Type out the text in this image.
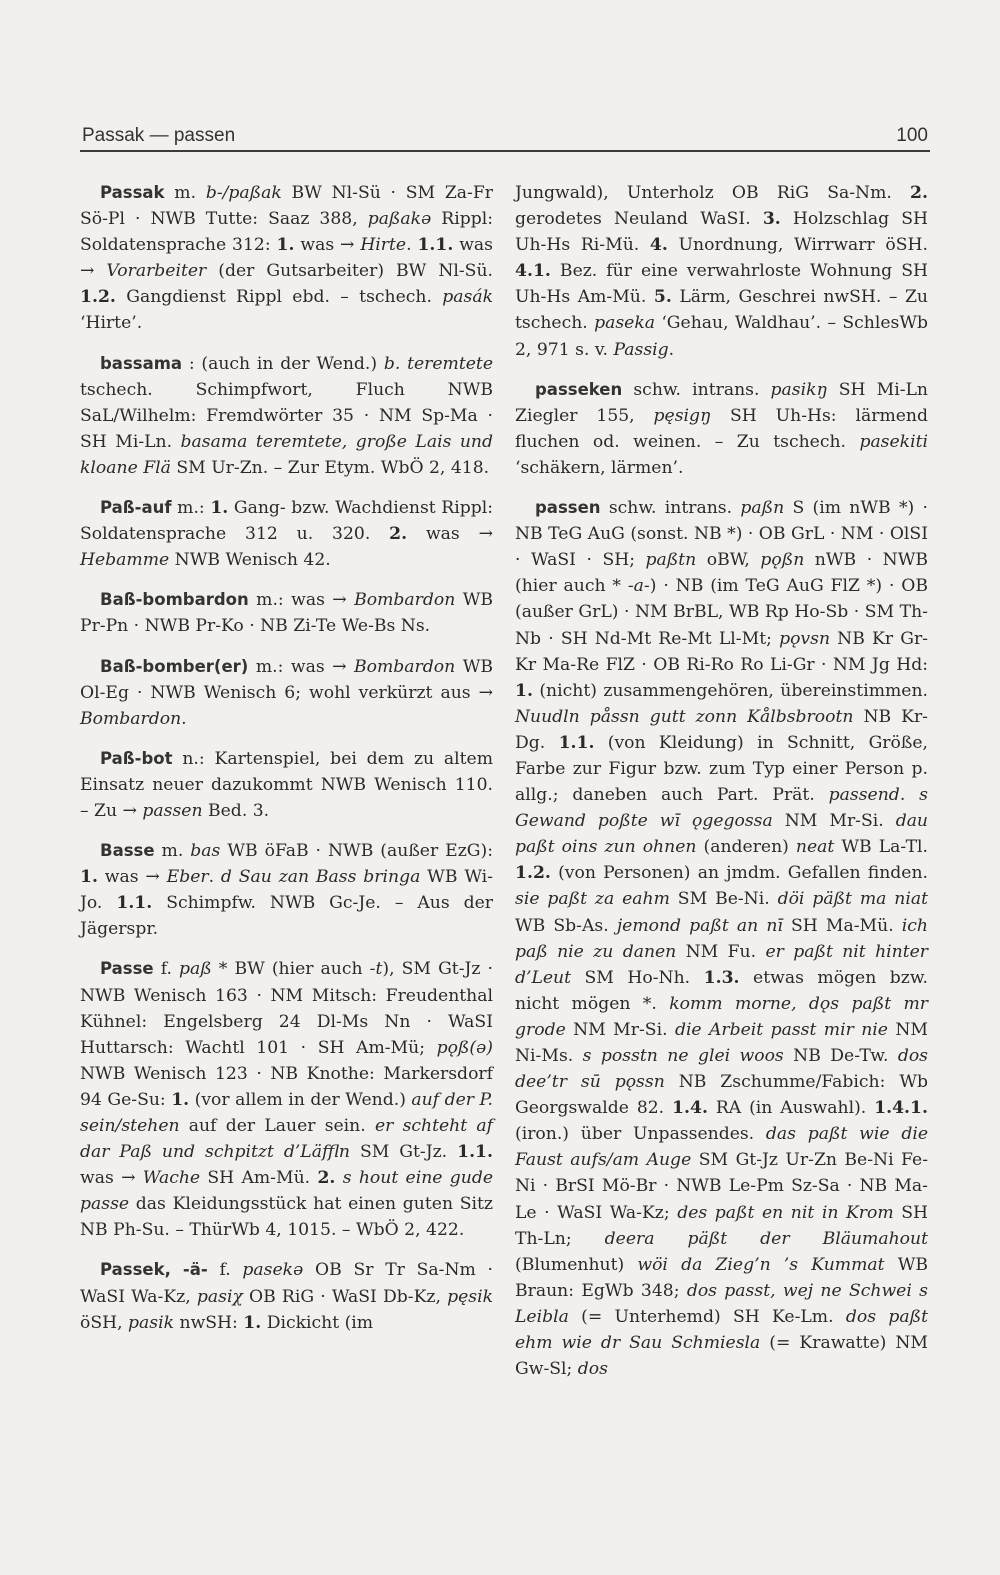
Passak — passen	100

Passak m. b-/paßak BW Nl-Sü · SM Za-Fr Sö-Pl · NWB Tutte: Saaz 388, paßakə Rippl: Soldatensprache 312: 1. was → Hirte. 1.1. was → Vorarbeiter (der Gutsarbeiter) BW Nl-Sü. 1.2. Gangdienst Rippl ebd. – tschech. pasák ‘Hirte’.

bassama : (auch in der Wend.) b. teremtete tschech. Schimpfwort, Fluch NWB SaL/Wilhelm: Fremdwörter 35 · NM Sp-Ma · SH Mi-Ln. basama teremtete, große Lais und kloane Flä SM Ur-Zn. – Zur Etym. WbÖ 2, 418.

Paß-auf m.: 1. Gang- bzw. Wachdienst Rippl: Soldatensprache 312 u. 320. 2. was → Hebamme NWB Wenisch 42.

Baß-bombardon m.: was → Bombardon WB Pr-Pn · NWB Pr-Ko · NB Zi-Te We-Bs Ns.

Baß-bomber(er) m.: was → Bombardon WB Ol-Eg · NWB Wenisch 6; wohl verkürzt aus → Bombardon.

Paß-bot n.: Kartenspiel, bei dem zu altem Einsatz neuer dazukommt NWB Wenisch 110. – Zu → passen Bed. 3.

Basse m. bas WB öFaB · NWB (außer EzG): 1. was → Eber. d Sau zan Bass bringa WB Wi-Jo. 1.1. Schimpfw. NWB Gc-Je. – Aus der Jägerspr.

Passe f. paß * BW (hier auch -t), SM Gt-Jz · NWB Wenisch 163 · NM Mitsch: Freudenthal Kühnel: Engelsberg 24 Dl-Ms Nn · WaSI Huttarsch: Wachtl 101 · SH Am-Mü; pǫß(ə) NWB Wenisch 123 · NB Knothe: Markersdorf 94 Ge-Su: 1. (vor allem in der Wend.) auf der P. sein/stehen auf der Lauer sein. er schteht af dar Paß und schpitzt d’Läffln SM Gt-Jz. 1.1. was → Wache SH Am-Mü. 2. s hout eine gude passe das Kleidungsstück hat einen guten Sitz NB Ph-Su. – ThürWb 4, 1015. – WbÖ 2, 422.

Passek, -ä- f. pasekə OB Sr Tr Sa-Nm · WaSI Wa-Kz, pasiχ OB RiG · WaSI Db-Kz, pęsik öSH, pasik nwSH: 1. Dickicht (im

Jungwald), Unterholz OB RiG Sa-Nm. 2. gerodetes Neuland WaSI. 3. Holzschlag SH Uh-Hs Ri-Mü. 4. Unordnung, Wirrwarr öSH. 4.1. Bez. für eine verwahrloste Wohnung SH Uh-Hs Am-Mü. 5. Lärm, Geschrei nwSH. – Zu tschech. paseka ‘Gehau, Waldhau’. – SchlesWb 2, 971 s. v. Passig.

passeken schw. intrans. pasikŋ SH Mi-Ln Ziegler 155, pęsigŋ SH Uh-Hs: lärmend fluchen od. weinen. – Zu tschech. pasekiti ‘schäkern, lärmen’.

passen schw. intrans. paßn S (im nWB *) · NB TeG AuG (sonst. NB *) · OB GrL · NM · OlSI · WaSI · SH; paßtn oBW, pǫßn nWB · NWB (hier auch * -a-) · NB (im TeG AuG FlZ *) · OB (außer GrL) · NM BrBL, WB Rp Ho-Sb · SM Th-Nb · SH Nd-Mt Re-Mt Ll-Mt; pǫvsn NB Kr Gr-Kr Ma-Re FlZ · OB Ri-Ro Ro Li-Gr · NM Jg Hd: 1. (nicht) zusammengehören, übereinstimmen. Nuudln påssn gutt zonn Kålbsbrootn NB Kr-Dg. 1.1. (von Kleidung) in Schnitt, Größe, Farbe zur Figur bzw. zum Typ einer Person p. allg.; daneben auch Part. Prät. passend. s Gewand poßte wī ǫgegossa NM Mr-Si. dau paßt oins zun ohnen (anderen) neat WB La-Tl. 1.2. (von Personen) an jmdm. Gefallen finden. sie paßt za eahm SM Be-Ni. döi päßt ma niat WB Sb-As. jemond paßt an nī SH Ma-Mü. ich paß nie zu danen NM Fu. er paßt nit hinter d’Leut SM Ho-Nh. 1.3. etwas mögen bzw. nicht mögen *. komm morne, dǫs paßt mr grode NM Mr-Si. die Arbeit passt mir nie NM Ni-Ms. s posstn ne glei woos NB De-Tw. dos dee’tr sū pǫssn NB Zschumme/Fabich: Wb Georgswalde 82. 1.4. RA (in Auswahl). 1.4.1. (iron.) über Unpassendes. das paßt wie die Faust aufs/am Auge SM Gt-Jz Ur-Zn Be-Ni Fe-Ni · BrSI Mö-Br · NWB Le-Pm Sz-Sa · NB Ma-Le · WaSI Wa-Kz; des paßt en nit in Krom SH Th-Ln; deera päßt der Bläumahout (Blumenhut) wöi da Zieg’n ’s Kummat WB Braun: EgWb 348; dos passt, wej ne Schwei s Leibla (= Unterhemd) SH Ke-Lm. dos paßt ehm wie dr Sau Schmiesla (= Krawatte) NM Gw-Sl; dos
